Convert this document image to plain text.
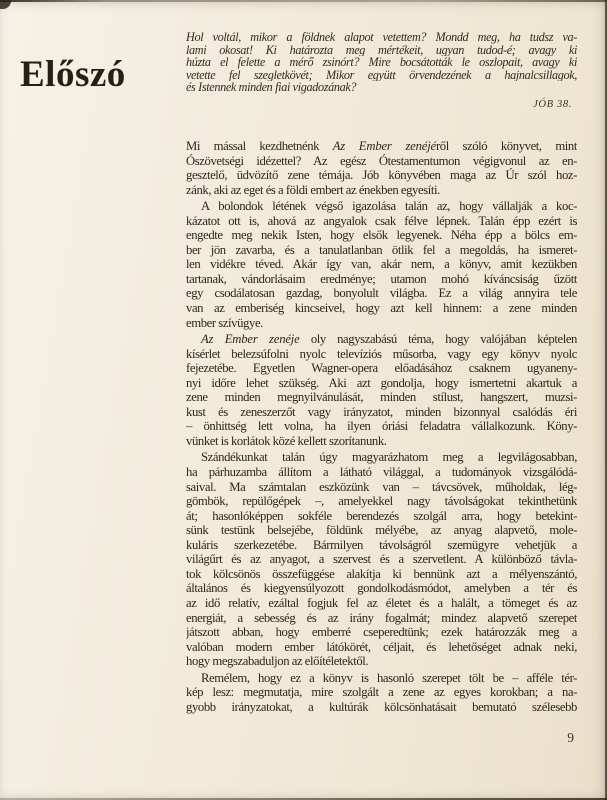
Előszó
Hol voltál, mikor a földnek alapot vetettem? Mondd meg, ha tudsz va-
lami okosat! Ki határozta meg mértékeit, ugyan tudod-é; avagy ki
húzta el felette a mérő zsinórt? Mire bocsátották le oszlopait, avagy ki
vetette fel szegletkövét; Mikor együtt örvendezének a hajnalcsillagok,
és Istennek minden fiai vigadozának?
JÓB 38.

Mi mással kezdhetnénk Az Ember zenéjéről szóló könyvet, mint
Ószövetségi idézettel? Az egész Ótestamentumon végigvonul az en-
gesztelő, üdvözítő zene témája. Jób könyvében maga az Úr szól hoz-
zánk, aki az eget és a földi embert az énekben egyesíti.

A bolondok létének végső igazolása talán az, hogy vállalják a koc-
kázatot ott is, ahová az angyalok csak félve lépnek. Talán épp ezért is
engedte meg nekik Isten, hogy elsők legyenek. Néha épp a bölcs em-
ber jön zavarba, és a tanulatlanban ötlik fel a megoldás, ha ismeret-
len vidékre téved. Akár így van, akár nem, a könyv, amit kezükben
tartanak, vándorlásaim eredménye; utamon mohó kíváncsiság űzött
egy csodálatosan gazdag, bonyolult világba. Ez a világ annyira tele
van az emberiség kincseivel, hogy azt kell hinnem: a zene minden
ember szívügye.

Az Ember zenéje oly nagyszabású téma, hogy valójában képtelen
kísérlet belezsúfolni nyolc televíziós műsorba, vagy egy könyv nyolc
fejezetébe. Egyetlen Wagner-opera előadásához csaknem ugyaneny-
nyi időre lehet szükség. Aki azt gondolja, hogy ismertetni akartuk a
zene minden megnyilvánulását, minden stílust, hangszert, muzsi-
kust és zeneszerzőt vagy irányzatot, minden bizonnyal csalódás éri
– önhittség lett volna, ha ilyen óriási feladatra vállalkozunk. Köny-
vünket is korlátok közé kellett szorítanunk.

Szándékunkat talán úgy magyarázhatom meg a legvilágosabban,
ha párhuzamba állítom a látható világgal, a tudományok vizsgálódá-
saival. Ma számtalan eszközünk van – távcsövek, műholdak, lég-
gömbök, repülőgépek –, amelyekkel nagy távolságokat tekinthetünk
át; hasonlóképpen sokféle berendezés szolgál arra, hogy betekint-
sünk testünk belsejébe, földünk mélyébe, az anyag alapvető, mole-
kuláris szerkezetébe. Bármilyen távolságról szemügyre vehetjük a
világűrt és az anyagot, a szervest és a szervetlent. A különböző távla-
tok kölcsönös összefüggése alakítja ki bennünk azt a mélyenszántó,
általános és kiegyensúlyozott gondolkodásmódot, amelyben a tér és
az idő relatív, ezáltal fogjuk fel az életet és a halált, a tömeget és az
energiát, a sebesség és az irány fogalmát; mindez alapvető szerepet
játszott abban, hogy emberré cseperedtünk; ezek határozzák meg a
valóban modern ember látókörét, céljait, és lehetőséget adnak neki,
hogy megszabaduljon az előítéletektől.

Remélem, hogy ez a könyv is hasonló szerepet tölt be – afféle tér-
kép lesz: megmutatja, mire szolgált a zene az egyes korokban; a na-
gyobb irányzatokat, a kultúrák kölcsönhatásait bemutató szélesebb

9
